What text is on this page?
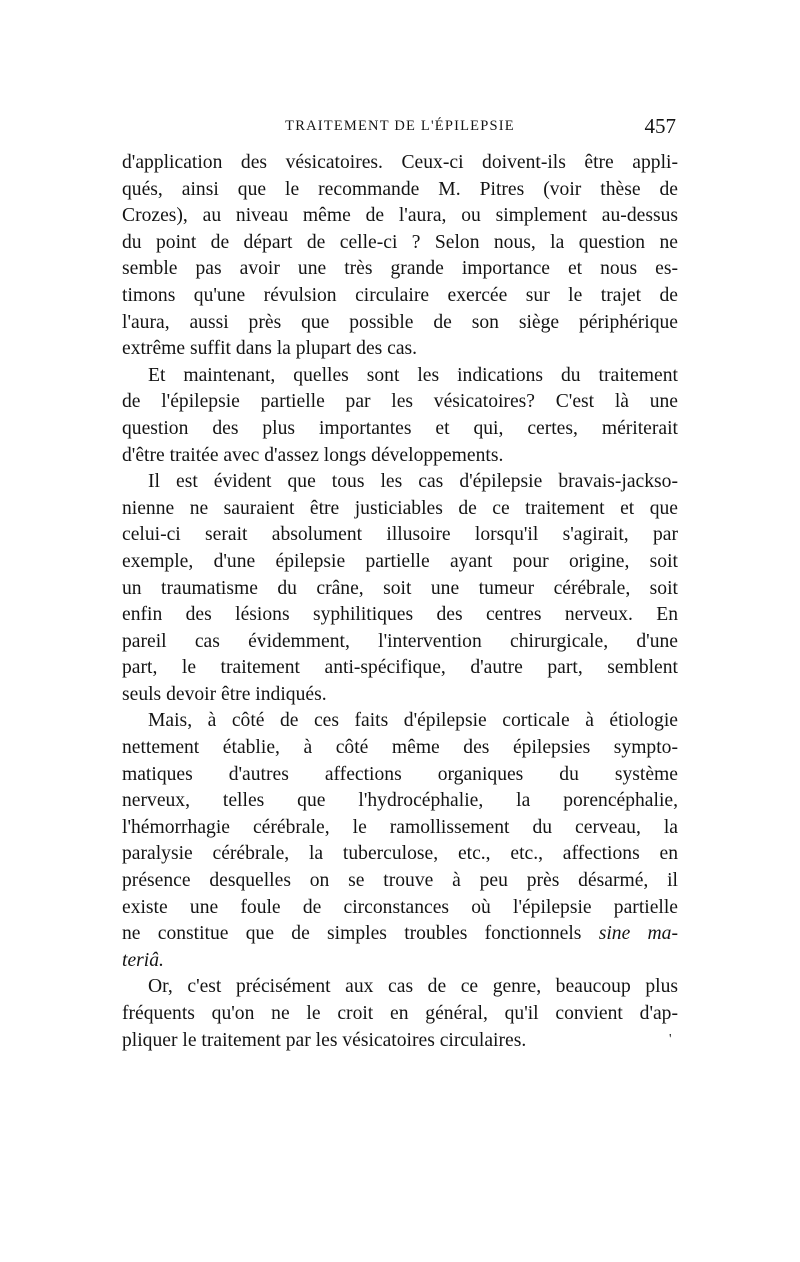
TRAITEMENT DE L'ÉPILEPSIE	457
d'application des vésicatoires. Ceux-ci doivent-ils être appli-
qués, ainsi que le recommande M. Pitres (voir thèse de
Crozes), au niveau même de l'aura, ou simplement au-dessus
du point de départ de celle-ci ? Selon nous, la question ne
semble pas avoir une très grande importance et nous es-
timons qu'une révulsion circulaire exercée sur le trajet de
l'aura, aussi près que possible de son siège périphérique
extrême suffit dans la plupart des cas.
Et maintenant, quelles sont les indications du traitement
de l'épilepsie partielle par les vésicatoires? C'est là une
question des plus importantes et qui, certes, mériterait
d'être traitée avec d'assez longs développements.
Il est évident que tous les cas d'épilepsie bravais-jackso-
nienne ne sauraient être justiciables de ce traitement et que
celui-ci serait absolument illusoire lorsqu'il s'agirait, par
exemple, d'une épilepsie partielle ayant pour origine, soit
un traumatisme du crâne, soit une tumeur cérébrale, soit
enfin des lésions syphilitiques des centres nerveux. En
pareil cas évidemment, l'intervention chirurgicale, d'une
part, le traitement anti-spécifique, d'autre part, semblent
seuls devoir être indiqués.
Mais, à côté de ces faits d'épilepsie corticale à étiologie
nettement établie, à côté même des épilepsies sympto-
matiques d'autres affections organiques du système
nerveux, telles que l'hydrocéphalie, la porencéphalie,
l'hémorrhagie cérébrale, le ramollissement du cerveau, la
paralysie cérébrale, la tuberculose, etc., etc., affections en
présence desquelles on se trouve à peu près désarmé, il
existe une foule de circonstances où l'épilepsie partielle
ne constitue que de simples troubles fonctionnels sine ma-
teriâ.
Or, c'est précisément aux cas de ce genre, beaucoup plus
fréquents qu'on ne le croit en général, qu'il convient d'ap-
pliquer le traitement par les vésicatoires circulaires.	'
